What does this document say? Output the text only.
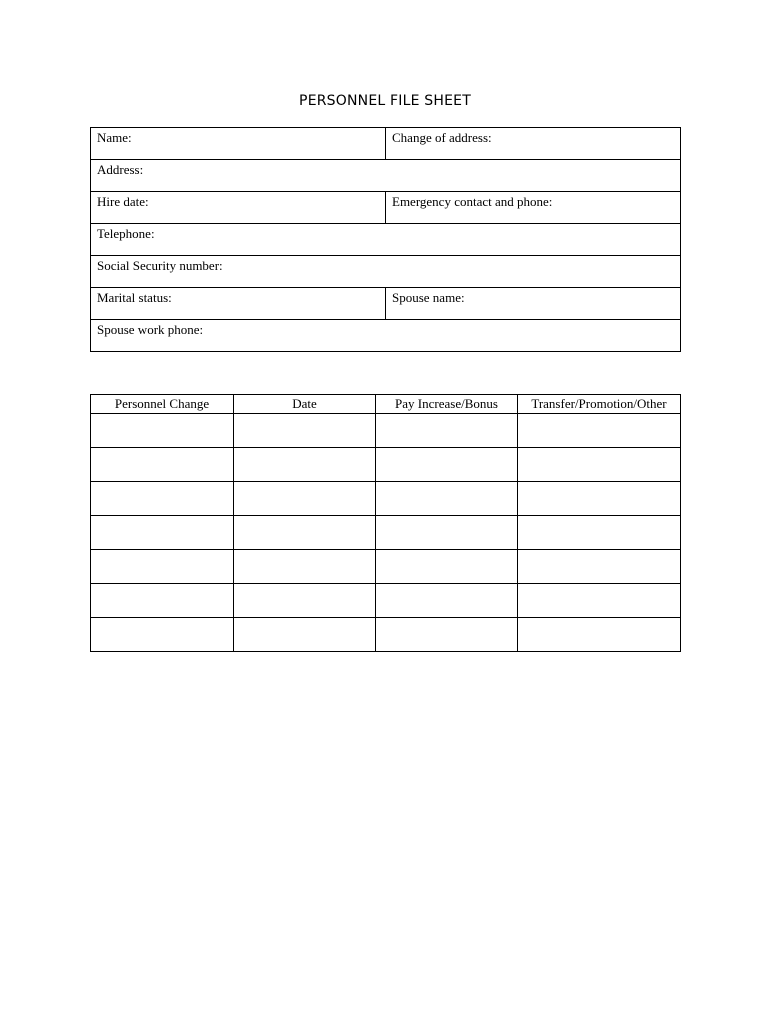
PERSONNEL FILE SHEET
Name:	Change of address:
Address:	
Hire date:	Emergency contact and phone:
Telephone:	
Social Security number:	
Marital status:	Spouse name:
Spouse work phone:	
Personnel Change	Date	Pay Increase/Bonus	Transfer/Promotion/Other
